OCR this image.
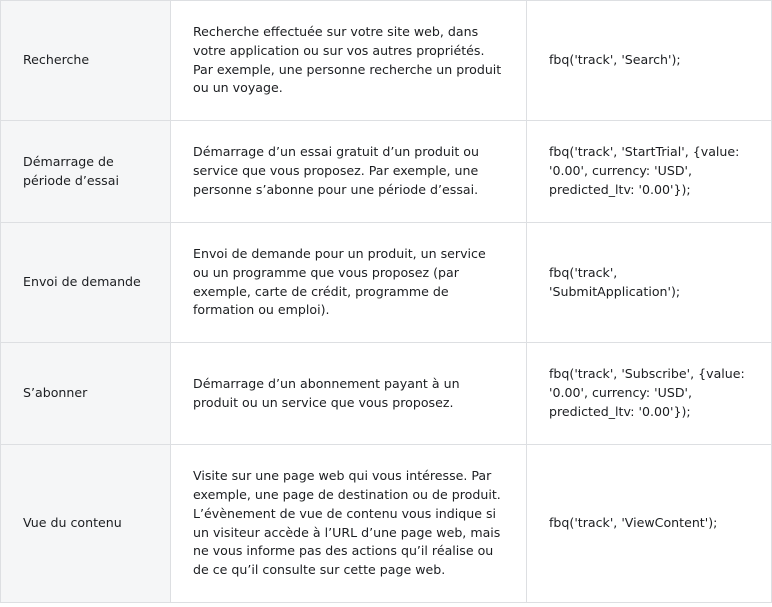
Recherche	Recherche effectuée sur votre site web, dans votre application ou sur vos autres propriétés. Par exemple, une personne recherche un produit ou un voyage.	fbq('track', 'Search');

Démarrage de période d’essai	Démarrage d’un essai gratuit d’un produit ou service que vous proposez. Par exemple, une personne s’abonne pour une période d’essai.	fbq('track', 'StartTrial', {value: '0.00', currency: 'USD', predicted_ltv: '0.00'});

Envoi de demande	Envoi de demande pour un produit, un service ou un programme que vous proposez (par exemple, carte de crédit, programme de formation ou emploi).	fbq('track', 'SubmitApplication');

S’abonner	Démarrage d’un abonnement payant à un produit ou un service que vous proposez.	fbq('track', 'Subscribe', {value: '0.00', currency: 'USD', predicted_ltv: '0.00'});

Vue du contenu	Visite sur une page web qui vous intéresse. Par exemple, une page de destination ou de produit. L’évènement de vue de contenu vous indique si un visiteur accède à l’URL d’une page web, mais ne vous informe pas des actions qu’il réalise ou de ce qu’il consulte sur cette page web.	fbq('track', 'ViewContent');
